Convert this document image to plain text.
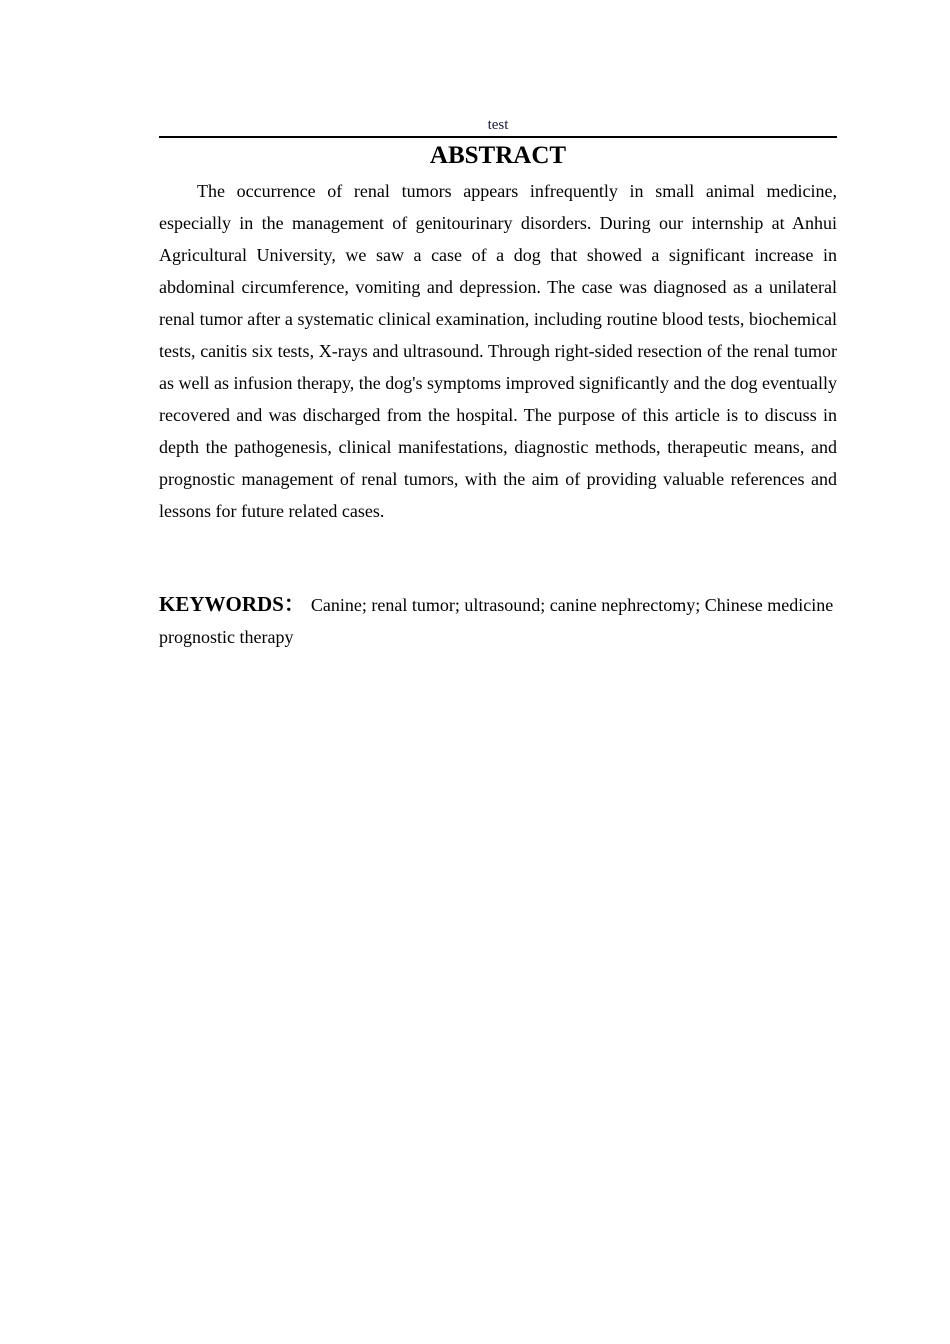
test
ABSTRACT

The occurrence of renal tumors appears infrequently in small animal medicine, especially in the management of genitourinary disorders. During our internship at Anhui Agricultural University, we saw a case of a dog that showed a significant increase in abdominal circumference, vomiting and depression. The case was diagnosed as a unilateral renal tumor after a systematic clinical examination, including routine blood tests, biochemical tests, canitis six tests, X-rays and ultrasound. Through right-sided resection of the renal tumor as well as infusion therapy, the dog's symptoms improved significantly and the dog eventually recovered and was discharged from the hospital. The purpose of this article is to discuss in depth the pathogenesis, clinical manifestations, diagnostic methods, therapeutic means, and prognostic management of renal tumors, with the aim of providing valuable references and lessons for future related cases.

KEYWORDS： Canine; renal tumor; ultrasound; canine nephrectomy; Chinese medicine prognostic therapy
